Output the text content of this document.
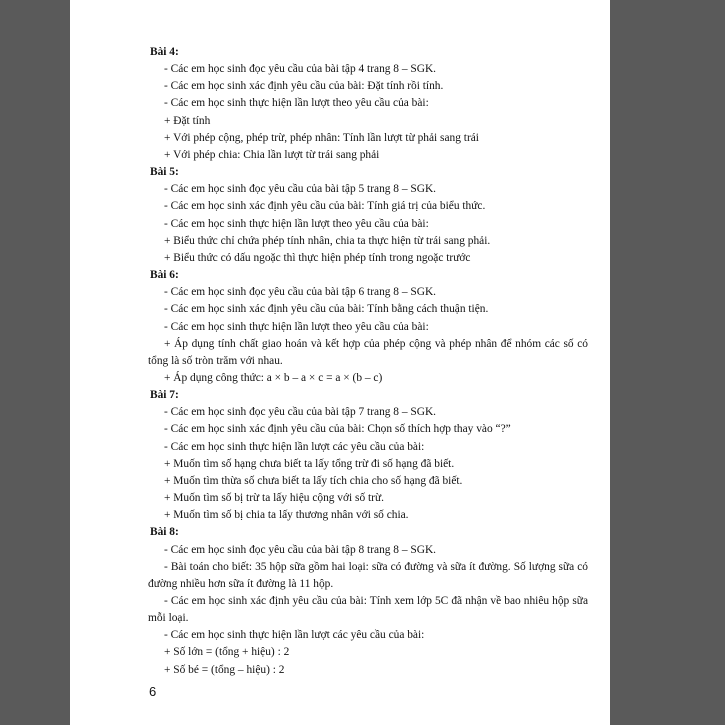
Bài 4:
- Các em học sinh đọc yêu cầu của bài tập 4 trang 8 – SGK.
- Các em học sinh xác định yêu cầu của bài: Đặt tính rồi tính.
- Các em học sinh thực hiện lần lượt theo yêu cầu của bài:
+ Đặt tính
+ Với phép cộng, phép trừ, phép nhân: Tính lần lượt từ phải sang trái
+ Với phép chia: Chia lần lượt từ trái sang phải
Bài 5:
- Các em học sinh đọc yêu cầu của bài tập 5 trang 8 – SGK.
- Các em học sinh xác định yêu cầu của bài: Tính giá trị của biểu thức.
- Các em học sinh thực hiện lần lượt theo yêu cầu của bài:
+ Biểu thức chỉ chứa phép tính nhân, chia ta thực hiện từ trái sang phải.
+ Biểu thức có dấu ngoặc thì thực hiện phép tính trong ngoặc trước
Bài 6:
- Các em học sinh đọc yêu cầu của bài tập 6 trang 8 – SGK.
- Các em học sinh xác định yêu cầu của bài: Tính bằng cách thuận tiện.
- Các em học sinh thực hiện lần lượt theo yêu cầu của bài:
+ Áp dụng tính chất giao hoán và kết hợp của phép cộng và phép nhân để nhóm các số có tổng là số tròn trăm với nhau.
+ Áp dụng công thức: a × b – a × c = a × (b – c)
Bài 7:
- Các em học sinh đọc yêu cầu của bài tập 7 trang 8 – SGK.
- Các em học sinh xác định yêu cầu của bài: Chọn số thích hợp thay vào “?”
- Các em học sinh thực hiện lần lượt các yêu cầu của bài:
+ Muốn tìm số hạng chưa biết ta lấy tổng trừ đi số hạng đã biết.
+ Muốn tìm thừa số chưa biết ta lấy tích chia cho số hạng đã biết.
+ Muốn tìm số bị trừ ta lấy hiệu cộng với số trừ.
+ Muốn tìm số bị chia ta lấy thương nhân với số chia.
Bài 8:
- Các em học sinh đọc yêu cầu của bài tập 8 trang 8 – SGK.
- Bài toán cho biết: 35 hộp sữa gồm hai loại: sữa có đường và sữa ít đường. Số lượng sữa có đường nhiều hơn sữa ít đường là 11 hộp.
- Các em học sinh xác định yêu cầu của bài: Tính xem lớp 5C đã nhận về bao nhiêu hộp sữa mỗi loại.
- Các em học sinh thực hiện lần lượt các yêu cầu của bài:
+ Số lớn = (tổng + hiệu) : 2
+ Số bé = (tổng – hiệu) : 2
6
